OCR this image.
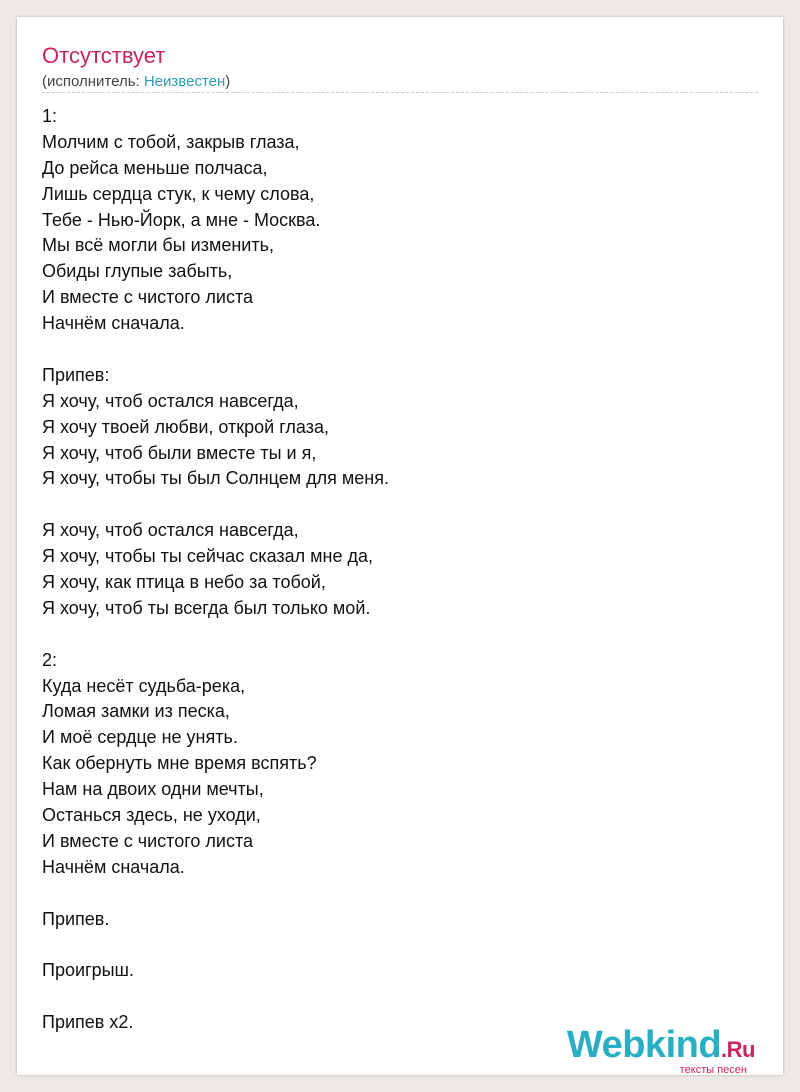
Отсутствует
(исполнитель: Неизвестен)
1:
Молчим с тобой, закрыв глаза,
До рейса меньше полчаса,
Лишь сердца стук, к чему слова,
Тебе - Нью-Йорк, а мне - Москва.
Мы всё могли бы изменить,
Обиды глупые забыть,
И вместе с чистого листа
Начнём сначала.
Припев:
Я хочу, чтоб остался навсегда,
Я хочу твоей любви, открой глаза,
Я хочу, чтоб были вместе ты и я,
Я хочу, чтобы ты был Солнцем для меня.
Я хочу, чтоб остался навсегда,
Я хочу, чтобы ты сейчас сказал мне да,
Я хочу, как птица в небо за тобой,
Я хочу, чтоб ты всегда был только мой.
2:
Куда несёт судьба-река,
Ломая замки из песка,
И моё сердце не унять.
Как обернуть мне время вспять?
Нам на двоих одни мечты,
Останься здесь, не уходи,
И вместе с чистого листа
Начнём сначала.
Припев.
Проигрыш.
Припев х2.
Webkind.Ru
тексты песен
